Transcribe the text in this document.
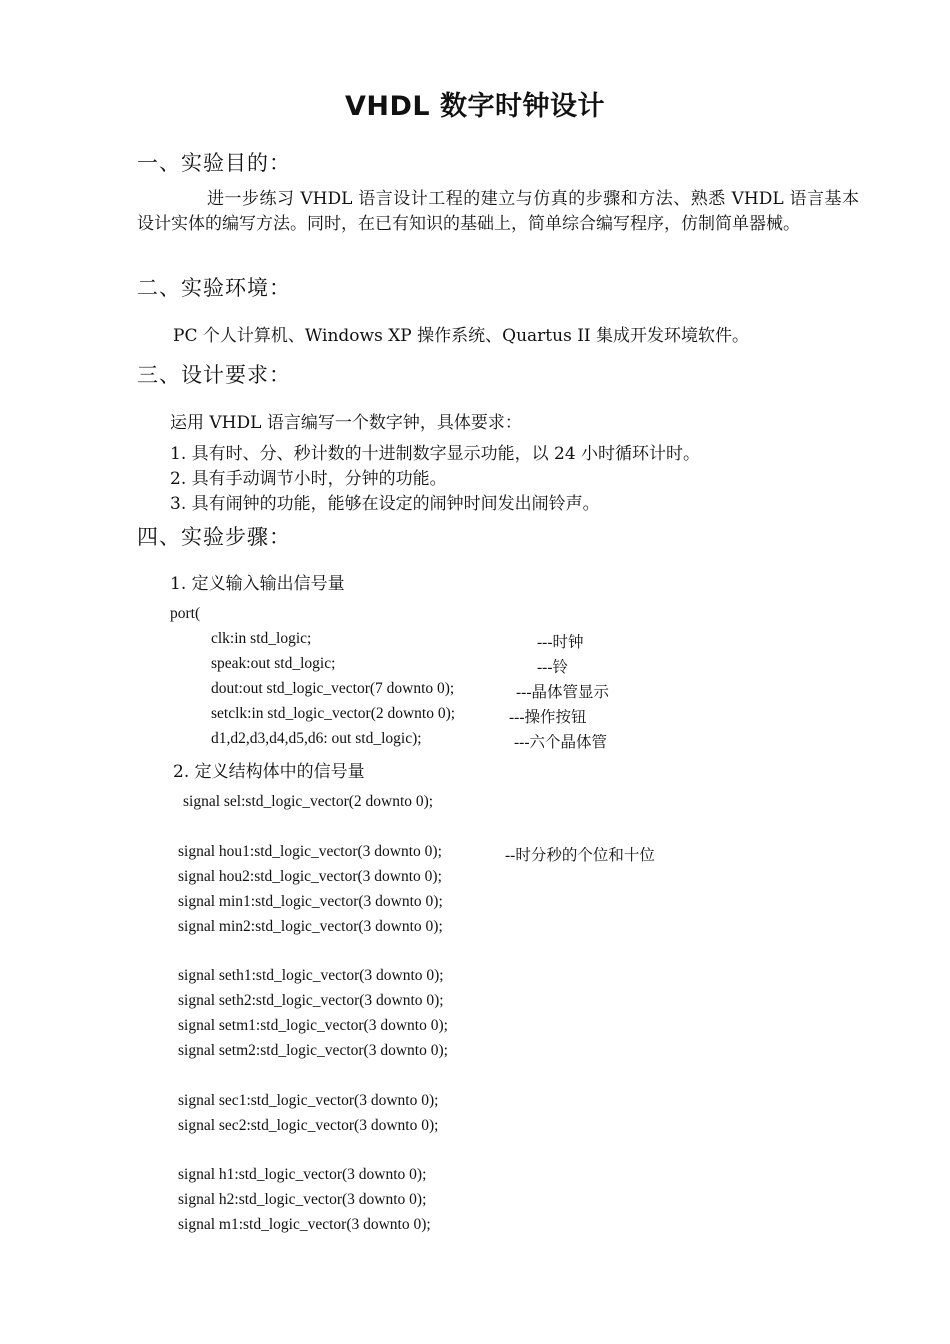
VHDL 数字时钟设计
一、实验目的：
进一步练习 VHDL 语言设计工程的建立与仿真的步骤和方法、熟悉 VHDL 语言基本设计实体的编写方法。同时，在已有知识的基础上，简单综合编写程序，仿制简单器械。
二、实验环境：
PC 个人计算机、Windows XP 操作系统、Quartus II 集成开发环境软件。
三、设计要求：
运用 VHDL 语言编写一个数字钟，具体要求：
1. 具有时、分、秒计数的十进制数字显示功能，以 24 小时循环计时。
2. 具有手动调节小时，分钟的功能。
3. 具有闹钟的功能，能够在设定的闹钟时间发出闹铃声。
四、实验步骤：
1. 定义输入输出信号量
port(
clk:in std_logic;	---时钟
speak:out std_logic;	---铃
dout:out std_logic_vector(7 downto 0);	---晶体管显示
setclk:in std_logic_vector(2 downto 0);	---操作按钮
d1,d2,d3,d4,d5,d6: out std_logic);	---六个晶体管
2. 定义结构体中的信号量
signal sel:std_logic_vector(2 downto 0);
signal hou1:std_logic_vector(3 downto 0);	--时分秒的个位和十位
signal hou2:std_logic_vector(3 downto 0);
signal min1:std_logic_vector(3 downto 0);
signal min2:std_logic_vector(3 downto 0);
signal seth1:std_logic_vector(3 downto 0);
signal seth2:std_logic_vector(3 downto 0);
signal setm1:std_logic_vector(3 downto 0);
signal setm2:std_logic_vector(3 downto 0);
signal sec1:std_logic_vector(3 downto 0);
signal sec2:std_logic_vector(3 downto 0);
signal h1:std_logic_vector(3 downto 0);
signal h2:std_logic_vector(3 downto 0);
signal m1:std_logic_vector(3 downto 0);
